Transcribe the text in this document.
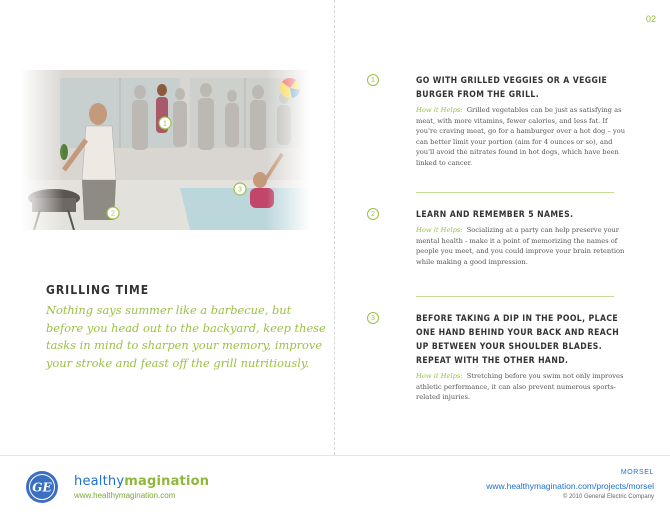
02
GRILLING TIME
Nothing says summer like a barbecue, but before you head out to the backyard, keep these tasks in mind to sharpen your memory, improve your stroke and feast off the grill nutritiously.
1	GO WITH GRILLED VEGGIES OR A VEGGIE BURGER FROM THE GRILL.
How it Helps: Grilled vegetables can be just as satisfying as meat, with more vitamins, fewer calories, and less fat. If you're craving meat, go for a hamburger over a hot dog – you can better limit your portion (aim for 4 ounces or so), and you'll avoid the nitrates found in hot dogs, which have been linked to cancer.
2	LEARN AND REMEMBER 5 NAMES.
How it Helps: Socializing at a party can help preserve your mental health - make it a point of memorizing the names of people you meet, and you could improve your brain retention while making a good impression.
3	BEFORE TAKING A DIP IN THE POOL, PLACE ONE HAND BEHIND YOUR BACK AND REACH UP BETWEEN YOUR SHOULDER BLADES. REPEAT WITH THE OTHER HAND.
How it Helps: Stretching before you swim not only improves athletic performance, it can also prevent numerous sports-related injuries.
GE healthymagination
www.healthymagination.com
MORSEL
www.healthymagination.com/projects/morsel
© 2010 General Electric Company
